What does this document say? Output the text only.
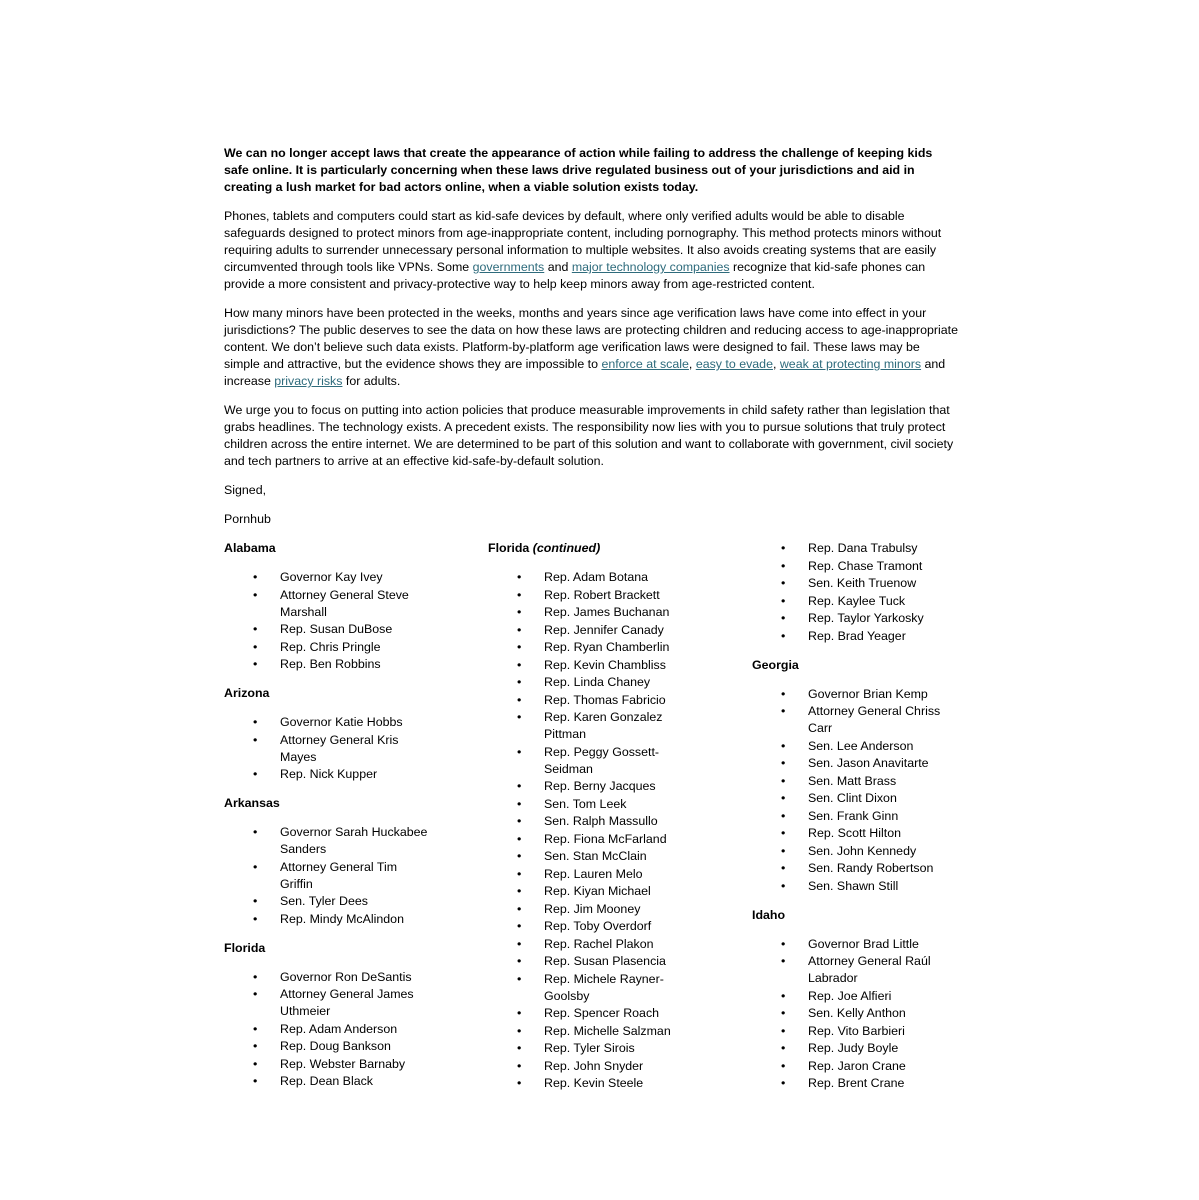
We can no longer accept laws that create the appearance of action while failing to address the challenge of keeping kids safe online. It is particularly concerning when these laws drive regulated business out of your jurisdictions and aid in creating a lush market for bad actors online, when a viable solution exists today.

Phones, tablets and computers could start as kid-safe devices by default, where only verified adults would be able to disable safeguards designed to protect minors from age-inappropriate content, including pornography. This method protects minors without requiring adults to surrender unnecessary personal information to multiple websites. It also avoids creating systems that are easily circumvented through tools like VPNs. Some governments and major technology companies recognize that kid-safe phones can provide a more consistent and privacy-protective way to help keep minors away from age-restricted content.

How many minors have been protected in the weeks, months and years since age verification laws have come into effect in your jurisdictions? The public deserves to see the data on how these laws are protecting children and reducing access to age-inappropriate content. We don’t believe such data exists. Platform-by-platform age verification laws were designed to fail. These laws may be simple and attractive, but the evidence shows they are impossible to enforce at scale, easy to evade, weak at protecting minors and increase privacy risks for adults.

We urge you to focus on putting into action policies that produce measurable improvements in child safety rather than legislation that grabs headlines. The technology exists. A precedent exists. The responsibility now lies with you to pursue solutions that truly protect children across the entire internet. We are determined to be part of this solution and want to collaborate with government, civil society and tech partners to arrive at an effective kid-safe-by-default solution.

Signed,

Pornhub

Alabama
• Governor Kay Ivey
• Attorney General Steve Marshall
• Rep. Susan DuBose
• Rep. Chris Pringle
• Rep. Ben Robbins
Arizona
• Governor Katie Hobbs
• Attorney General Kris Mayes
• Rep. Nick Kupper
Arkansas
• Governor Sarah Huckabee Sanders
• Attorney General Tim Griffin
• Sen. Tyler Dees
• Rep. Mindy McAlindon
Florida
• Governor Ron DeSantis
• Attorney General James Uthmeier
• Rep. Adam Anderson
• Rep. Doug Bankson
• Rep. Webster Barnaby
• Rep. Dean Black
Florida (continued)
• Rep. Adam Botana
• Rep. Robert Brackett
• Rep. James Buchanan
• Rep. Jennifer Canady
• Rep. Ryan Chamberlin
• Rep. Kevin Chambliss
• Rep. Linda Chaney
• Rep. Thomas Fabricio
• Rep. Karen Gonzalez Pittman
• Rep. Peggy Gossett-Seidman
• Rep. Berny Jacques
• Sen. Tom Leek
• Sen. Ralph Massullo
• Rep. Fiona McFarland
• Sen. Stan McClain
• Rep. Lauren Melo
• Rep. Kiyan Michael
• Rep. Jim Mooney
• Rep. Toby Overdorf
• Rep. Rachel Plakon
• Rep. Susan Plasencia
• Rep. Michele Rayner-Goolsby
• Rep. Spencer Roach
• Rep. Michelle Salzman
• Rep. Tyler Sirois
• Rep. John Snyder
• Rep. Kevin Steele
• Rep. Dana Trabulsy
• Rep. Chase Tramont
• Sen. Keith Truenow
• Rep. Kaylee Tuck
• Rep. Taylor Yarkosky
• Rep. Brad Yeager
Georgia
• Governor Brian Kemp
• Attorney General Chriss Carr
• Sen. Lee Anderson
• Sen. Jason Anavitarte
• Sen. Matt Brass
• Sen. Clint Dixon
• Sen. Frank Ginn
• Rep. Scott Hilton
• Sen. John Kennedy
• Sen. Randy Robertson
• Sen. Shawn Still
Idaho
• Governor Brad Little
• Attorney General Raúl Labrador
• Rep. Joe Alfieri
• Sen. Kelly Anthon
• Rep. Vito Barbieri
• Rep. Judy Boyle
• Rep. Jaron Crane
• Rep. Brent Crane
